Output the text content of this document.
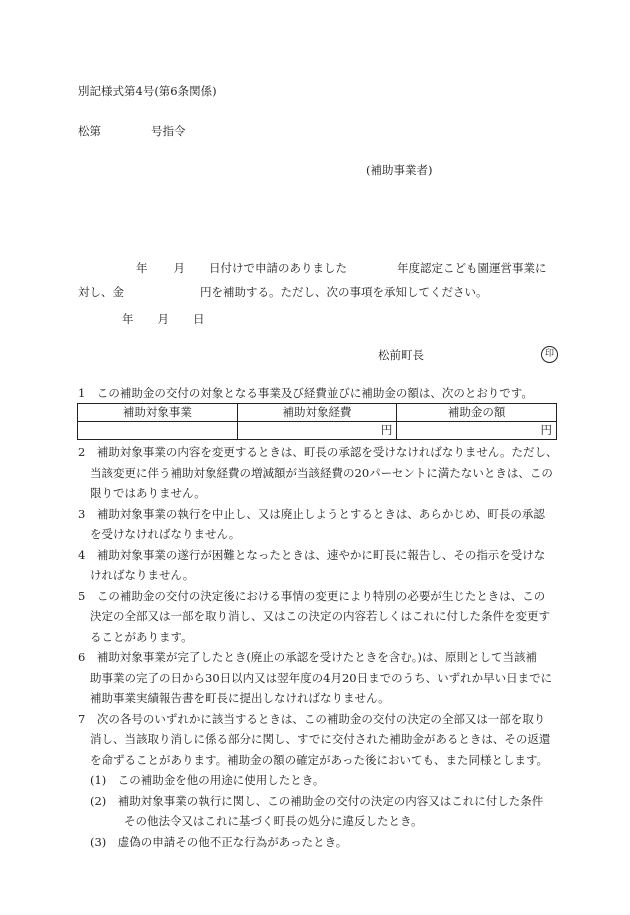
別記様式第4号(第6条関係)
松第	号指令
(補助事業者)
年 月 日付けで申請のありました	年度認定こども園運営事業に
対し、金	円を補助する。ただし、次の事項を承知してください。
年 月 日
松前町長	印
1　この補助金の交付の対象となる事業及び経費並びに補助金の額は、次のとおりです。
補助対象事業	補助対象経費	補助金の額
	円	円

2　補助対象事業の内容を変更するときは、町長の承認を受けなければなりません。ただし、
当該変更に伴う補助対象経費の増減額が当該経費の20パーセントに満たないときは、この
限りではありません。

3　補助対象事業の執行を中止し、又は廃止しようとするときは、あらかじめ、町長の承認
を受けなければなりません。

4　補助対象事業の遂行が困難となったときは、速やかに町長に報告し、その指示を受けな
ければなりません。

5　この補助金の交付の決定後における事情の変更により特別の必要が生じたときは、この
決定の全部又は一部を取り消し、又はこの決定の内容若しくはこれに付した条件を変更す
ることがあります。

6　補助対象事業が完了したとき(廃止の承認を受けたときを含む。)は、原則として当該補
助事業の完了の日から30日以内又は翌年度の4月20日までのうち、いずれか早い日までに
補助事業実績報告書を町長に提出しなければなりません。

7　次の各号のいずれかに該当するときは、この補助金の交付の決定の全部又は一部を取り
消し、当該取り消しに係る部分に関し、すでに交付された補助金があるときは、その返還
を命ずることがあります。補助金の額の確定があった後においても、また同様とします。

(1)　この補助金を他の用途に使用したとき。

(2)　補助対象事業の執行に関し、この補助金の交付の決定の内容又はこれに付した条件
その他法令又はこれに基づく町長の処分に違反したとき。

(3)　虚偽の申請その他不正な行為があったとき。
